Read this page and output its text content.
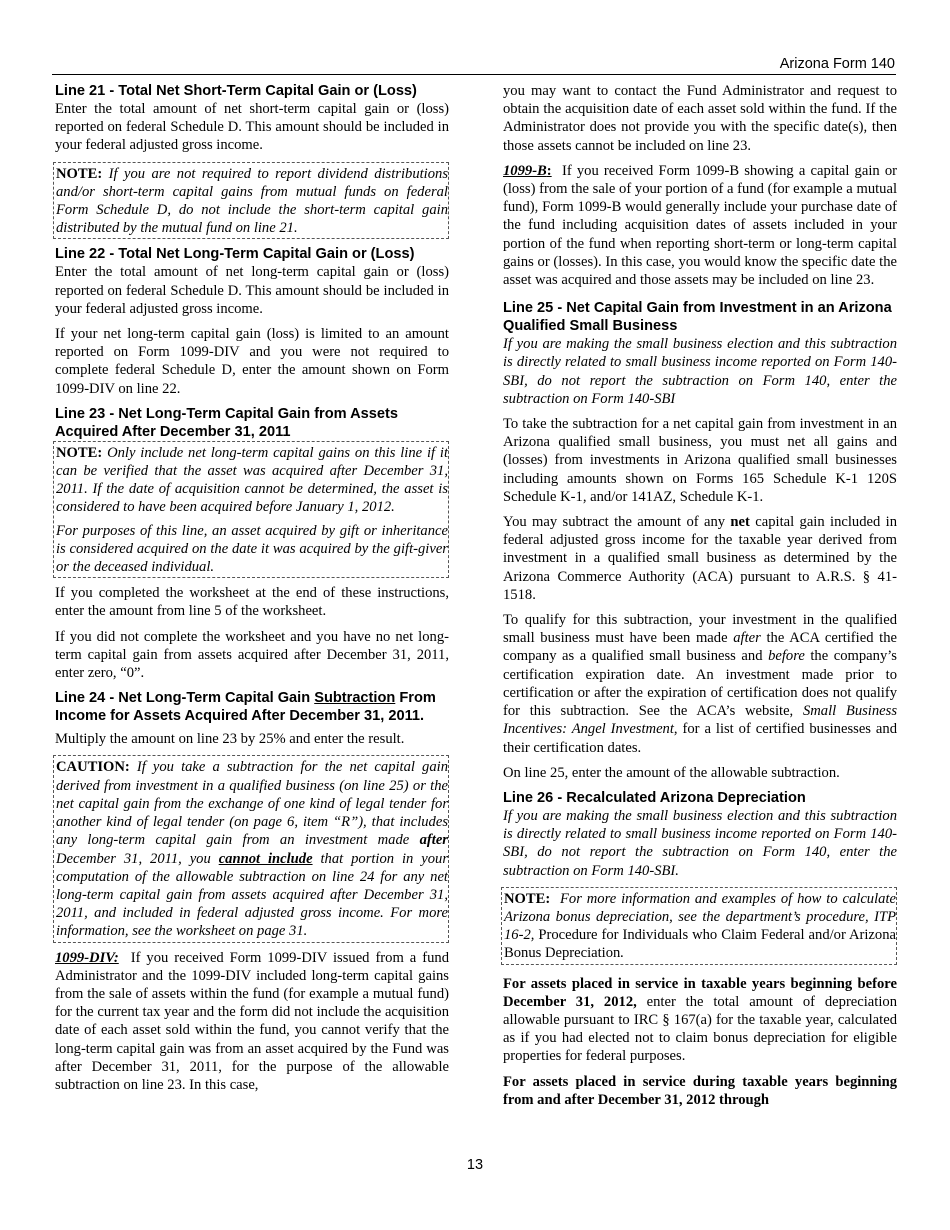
Arizona Form 140
Line 21 - Total Net Short-Term Capital Gain or (Loss)

Enter the total amount of net short-term capital gain or (loss) reported on federal Schedule D. This amount should be included in your federal adjusted gross income.

NOTE: If you are not required to report dividend distributions and/or short-term capital gains from mutual funds on federal Form Schedule D, do not include the short-term capital gain distributed by the mutual fund on line 21.

Line 22 - Total Net Long-Term Capital Gain or (Loss)

Enter the total amount of net long-term capital gain or (loss) reported on federal Schedule D. This amount should be included in your federal adjusted gross income.

If your net long-term capital gain (loss) is limited to an amount reported on Form 1099-DIV and you were not required to complete federal Schedule D, enter the amount shown on Form 1099-DIV on line 22.

Line 23 - Net Long-Term Capital Gain from Assets Acquired After December 31, 2011

NOTE: Only include net long-term capital gains on this line if it can be verified that the asset was acquired after December 31, 2011. If the date of acquisition cannot be determined, the asset is considered to have been acquired before January 1, 2012.

For purposes of this line, an asset acquired by gift or inheritance is considered acquired on the date it was acquired by the gift-giver or the deceased individual.

If you completed the worksheet at the end of these instructions, enter the amount from line 5 of the worksheet.

If you did not complete the worksheet and you have no net long-term capital gain from assets acquired after December 31, 2011, enter zero, “0”.

Line 24 - Net Long-Term Capital Gain Subtraction From Income for Assets Acquired After December 31, 2011.

Multiply the amount on line 23 by 25% and enter the result.

CAUTION: If you take a subtraction for the net capital gain derived from investment in a qualified business (on line 25) or the net capital gain from the exchange of one kind of legal tender for another kind of legal tender (on page 6, item “R”), that includes any long-term capital gain from an investment made after December 31, 2011, you cannot include that portion in your computation of the allowable subtraction on line 24 for any net long-term capital gain from assets acquired after December 31, 2011, and included in federal adjusted gross income. For more information, see the worksheet on page 31.

1099-DIV: If you received Form 1099-DIV issued from a fund Administrator and the 1099-DIV included long-term capital gains from the sale of assets within the fund (for example a mutual fund) for the current tax year and the form did not include the acquisition date of each asset sold within the fund, you cannot verify that the long-term capital gain was from an asset acquired by the Fund was after December 31, 2011, for the purpose of the allowable subtraction on line 23. In this case,

you may want to contact the Fund Administrator and request to obtain the acquisition date of each asset sold within the fund. If the Administrator does not provide you with the specific date(s), then those assets cannot be included on line 23.

1099-B: If you received Form 1099-B showing a capital gain or (loss) from the sale of your portion of a fund (for example a mutual fund), Form 1099-B would generally include your purchase date of the fund including acquisition dates of assets included in your portion of the fund when reporting short-term or long-term capital gains or (losses). In this case, you would know the specific date the asset was acquired and those assets may be included on line 23.

Line 25 - Net Capital Gain from Investment in an Arizona Qualified Small Business

If you are making the small business election and this subtraction is directly related to small business income reported on Form 140-SBI, do not report the subtraction on Form 140, enter the subtraction on Form 140-SBI

To take the subtraction for a net capital gain from investment in an Arizona qualified small business, you must net all gains and (losses) from investments in Arizona qualified small businesses including amounts shown on Forms 165 Schedule K-1 120S Schedule K-1, and/or 141AZ, Schedule K-1.

You may subtract the amount of any net capital gain included in federal adjusted gross income for the taxable year derived from investment in a qualified small business as determined by the Arizona Commerce Authority (ACA) pursuant to A.R.S. § 41-1518.

To qualify for this subtraction, your investment in the qualified small business must have been made after the ACA certified the company as a qualified small business and before the company’s certification expiration date. An investment made prior to certification or after the expiration of certification does not qualify for this subtraction. See the ACA’s website, Small Business Incentives: Angel Investment, for a list of certified businesses and their certification dates.

On line 25, enter the amount of the allowable subtraction.

Line 26 - Recalculated Arizona Depreciation

If you are making the small business election and this subtraction is directly related to small business income reported on Form 140-SBI, do not report the subtraction on Form 140, enter the subtraction on Form 140-SBI.

NOTE: For more information and examples of how to calculate Arizona bonus depreciation, see the department’s procedure, ITP 16-2, Procedure for Individuals who Claim Federal and/or Arizona Bonus Depreciation.

For assets placed in service in taxable years beginning before December 31, 2012, enter the total amount of depreciation allowable pursuant to IRC § 167(a) for the taxable year, calculated as if you had elected not to claim bonus depreciation for eligible properties for federal purposes.

For assets placed in service during taxable years beginning from and after December 31, 2012 through

13
